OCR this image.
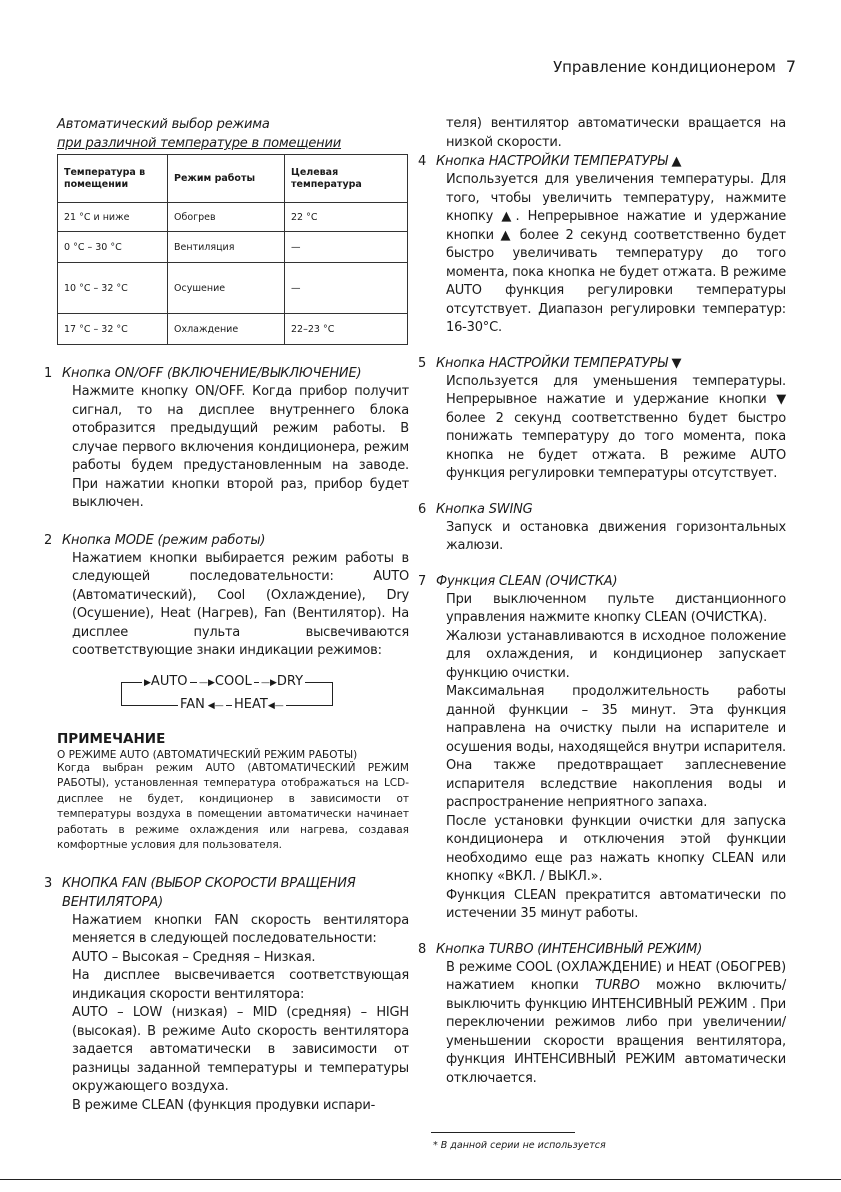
Управление кондиционером 7
Автоматический выбор режима
при различной температуре в помещении
Температура в помещении	Режим работы	Целевая температура
21 °C и ниже	Обогрев	22 °C
0 °C – 30 °C	Вентиляция	—
10 °C – 32 °C	Осушение	—
17 °C – 32 °C	Охлаждение	22–23 °C
1 Кнопка ON/OFF (ВКЛЮЧЕНИЕ/ВЫКЛЮЧЕНИЕ)
Нажмите кнопку ON/OFF. Когда прибор получит сигнал, то на дисплее внутреннего блока отобразится предыдущий режим работы. В случае первого включения кондиционера, режим работы будем предустановленным на заводе. При нажатии кнопки второй раз, прибор будет выключен.
2 Кнопка MODE (режим работы)
Нажатием кнопки выбирается режим работы в следующей последовательности: AUTO (Автоматический), Cool (Охлаждение), Dry (Осушение), Heat (Нагрев), Fan (Вентилятор). На дисплее пульта высвечиваются соответствующие знаки индикации режимов:
▶AUTO —▶COOL —▶DRY
FAN ◀— HEAT◀—
ПРИМЕЧАНИЕ
О РЕЖИМЕ AUTO (АВТОМАТИЧЕСКИЙ РЕЖИМ РАБОТЫ)
Когда выбран режим AUTO (АВТОМАТИЧЕСКИЙ РЕЖИМ РАБОТЫ), установленная температура отображаться на LCD-дисплее не будет, кондиционер в зависимости от температуры воздуха в помещении автоматически начинает работать в режиме охлаждения или нагрева, создавая комфортные условия для пользователя.
3 КНОПКА FAN (ВЫБОР СКОРОСТИ ВРАЩЕНИЯ ВЕНТИЛЯТОРА)
Нажатием кнопки FAN скорость вентилятора меняется в следующей последовательности:
AUTO – Высокая – Средняя – Низкая.
На дисплее высвечивается соответствующая индикация скорости вентилятора:
AUTO – LOW (низкая) – MID (средняя) – HIGH (высокая). В режиме Auto скорость вентилятора задается автоматически в зависимости от разницы заданной температуры и температуры окружающего воздуха.
В режиме CLEAN (функция продувки испари-
теля) вентилятор автоматически вращается на низкой скорости.
4 Кнопка НАСТРОЙКИ ТЕМПЕРАТУРЫ ▲
Используется для увеличения температуры. Для того, чтобы увеличить температуру, нажмите кнопку ▲. Непрерывное нажатие и удержание кнопки ▲ более 2 секунд соответственно будет быстро увеличивать температуру до того момента, пока кнопка не будет отжата. В режиме AUTO функция регулировки температуры отсутствует. Диапазон регулировки температур: 16-30°С.
5 Кнопка НАСТРОЙКИ ТЕМПЕРАТУРЫ ▼
Используется для уменьшения температуры. Непрерывное нажатие и удержание кнопки ▼ более 2 секунд соответственно будет быстро понижать температуру до того момента, пока кнопка не будет отжата. В режиме AUTO функция регулировки температуры отсутствует.
6 Кнопка SWING
Запуск и остановка движения горизонтальных жалюзи.
7 Функция CLEAN (ОЧИСТКА)
При выключенном пульте дистанционного управления нажмите кнопку CLEAN (ОЧИСТКА).
Жалюзи устанавливаются в исходное положение для охлаждения, и кондиционер запускает функцию очистки.
Максимальная продолжительность работы данной функции – 35 минут. Эта функция направлена на очистку пыли на испарителе и осушения воды, находящейся внутри испарителя. Она также предотвращает заплесневение испарителя вследствие накопления воды и распространение неприятного запаха.
После установки функции очистки для запуска кондиционера и отключения этой функции необходимо еще раз нажать кнопку CLEAN или кнопку «ВКЛ. / ВЫКЛ.».
Функция CLEAN прекратится автоматически по истечении 35 минут работы.
8 Кнопка TURBO (ИНТЕНСИВНЫЙ РЕЖИМ)
В режиме COOL (ОХЛАЖДЕНИЕ) и HEAT (ОБОГРЕВ) нажатием кнопки TURBO можно включить/выключить функцию ИНТЕНСИВНЫЙ РЕЖИМ . При переключении режимов либо при увеличении/уменьшении скорости вращения вентилятора, функция ИНТЕНСИВНЫЙ РЕЖИМ автоматически отключается.
* В данной серии не используется
